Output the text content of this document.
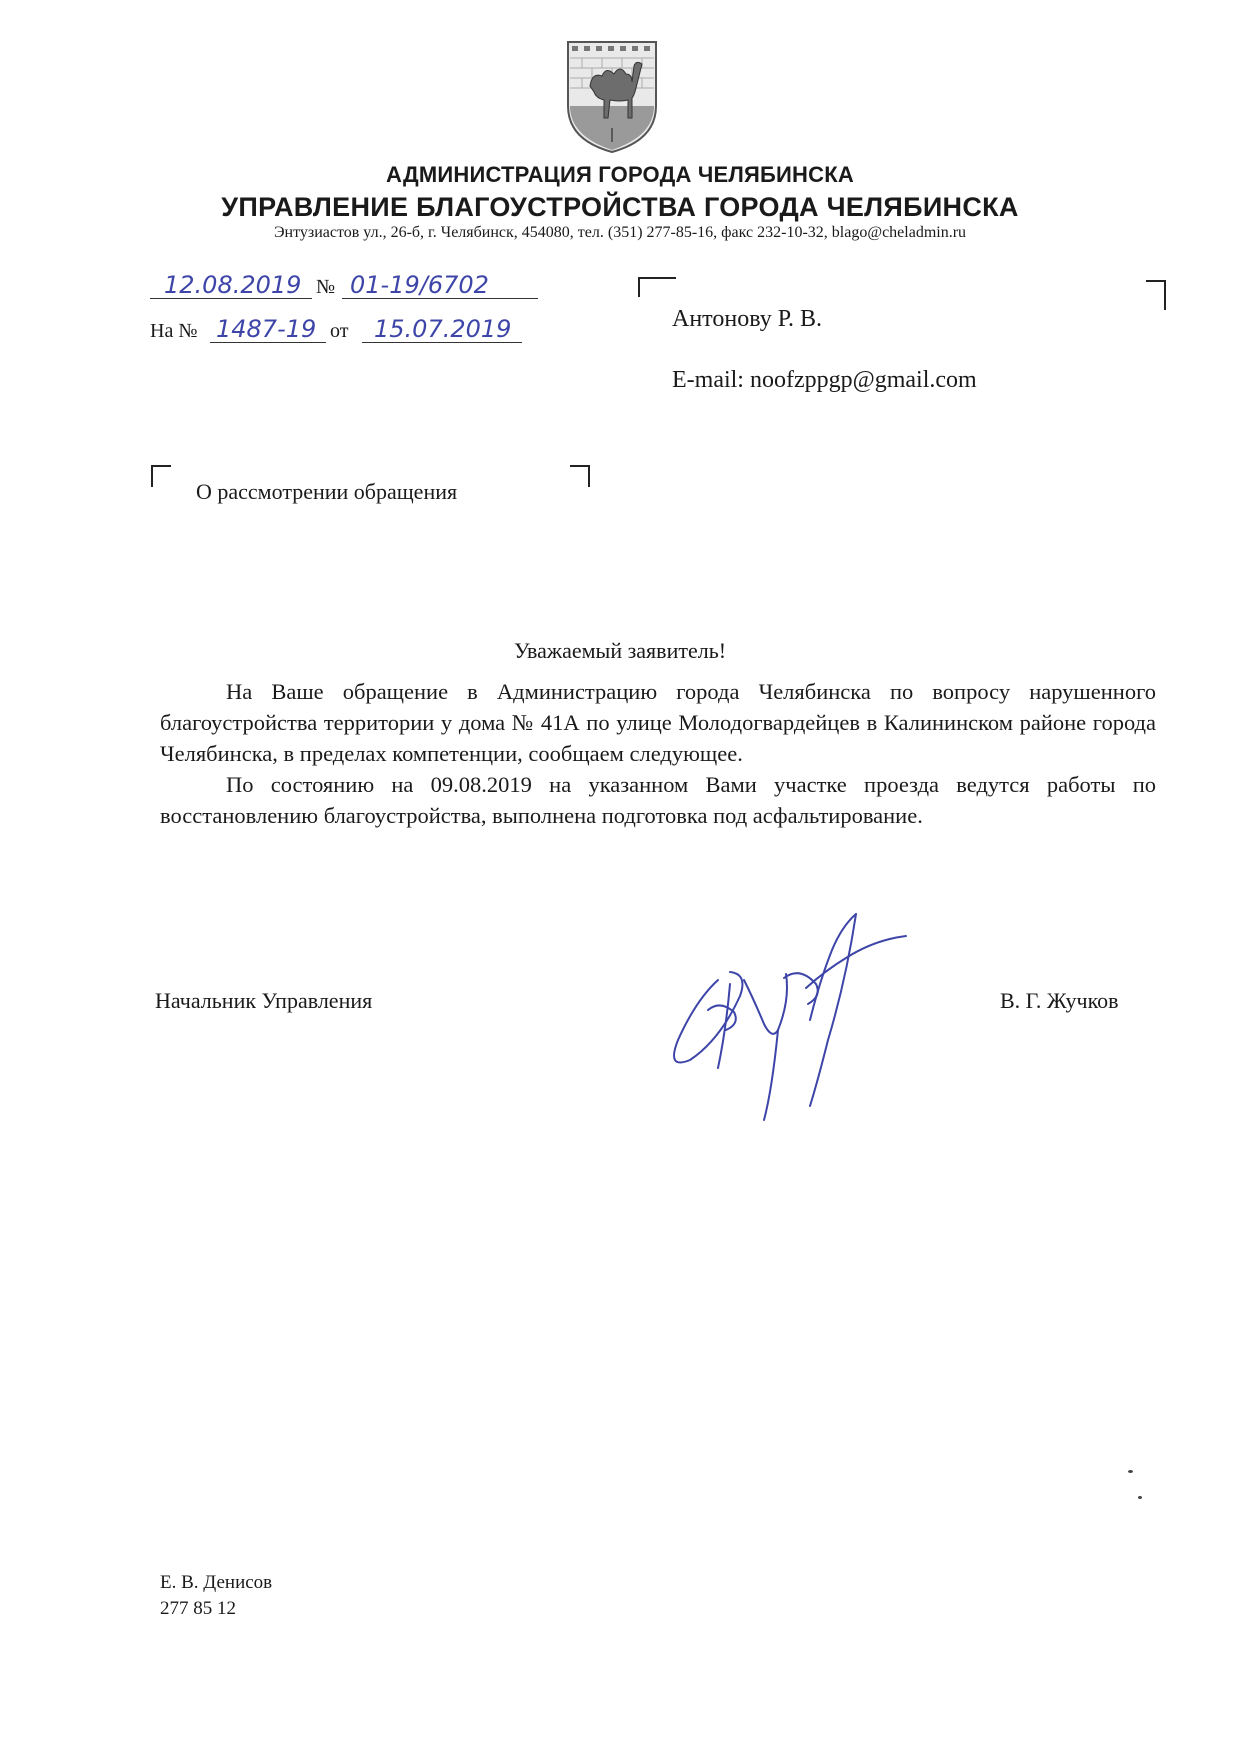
АДМИНИСТРАЦИЯ ГОРОДА ЧЕЛЯБИНСКА
УПРАВЛЕНИЕ БЛАГОУСТРОЙСТВА ГОРОДА ЧЕЛЯБИНСКА
Энтузиастов ул., 26-б, г. Челябинск, 454080, тел. (351) 277-85-16, факс 232-10-32, blago@cheladmin.ru
12.08.2019 № 01-19/6702
На № 1487-19 от	15.07.2019	Антонову Р. В.
E-mail: noofzppgp@gmail.com
О рассмотрении обращения
Уважаемый заявитель!

На Ваше обращение в Администрацию города Челябинска по вопросу нарушенного благоустройства территории у дома № 41А по улице Молодогвардейцев в Калининском районе города Челябинска, в пределах компетенции, сообщаем следующее.

По состоянию на 09.08.2019 на указанном Вами участке проезда ведутся работы по восстановлению благоустройства, выполнена подготовка под асфальтирование.

Начальник Управления	В. Г. Жучков
Е. В. Денисов
277 85 12
